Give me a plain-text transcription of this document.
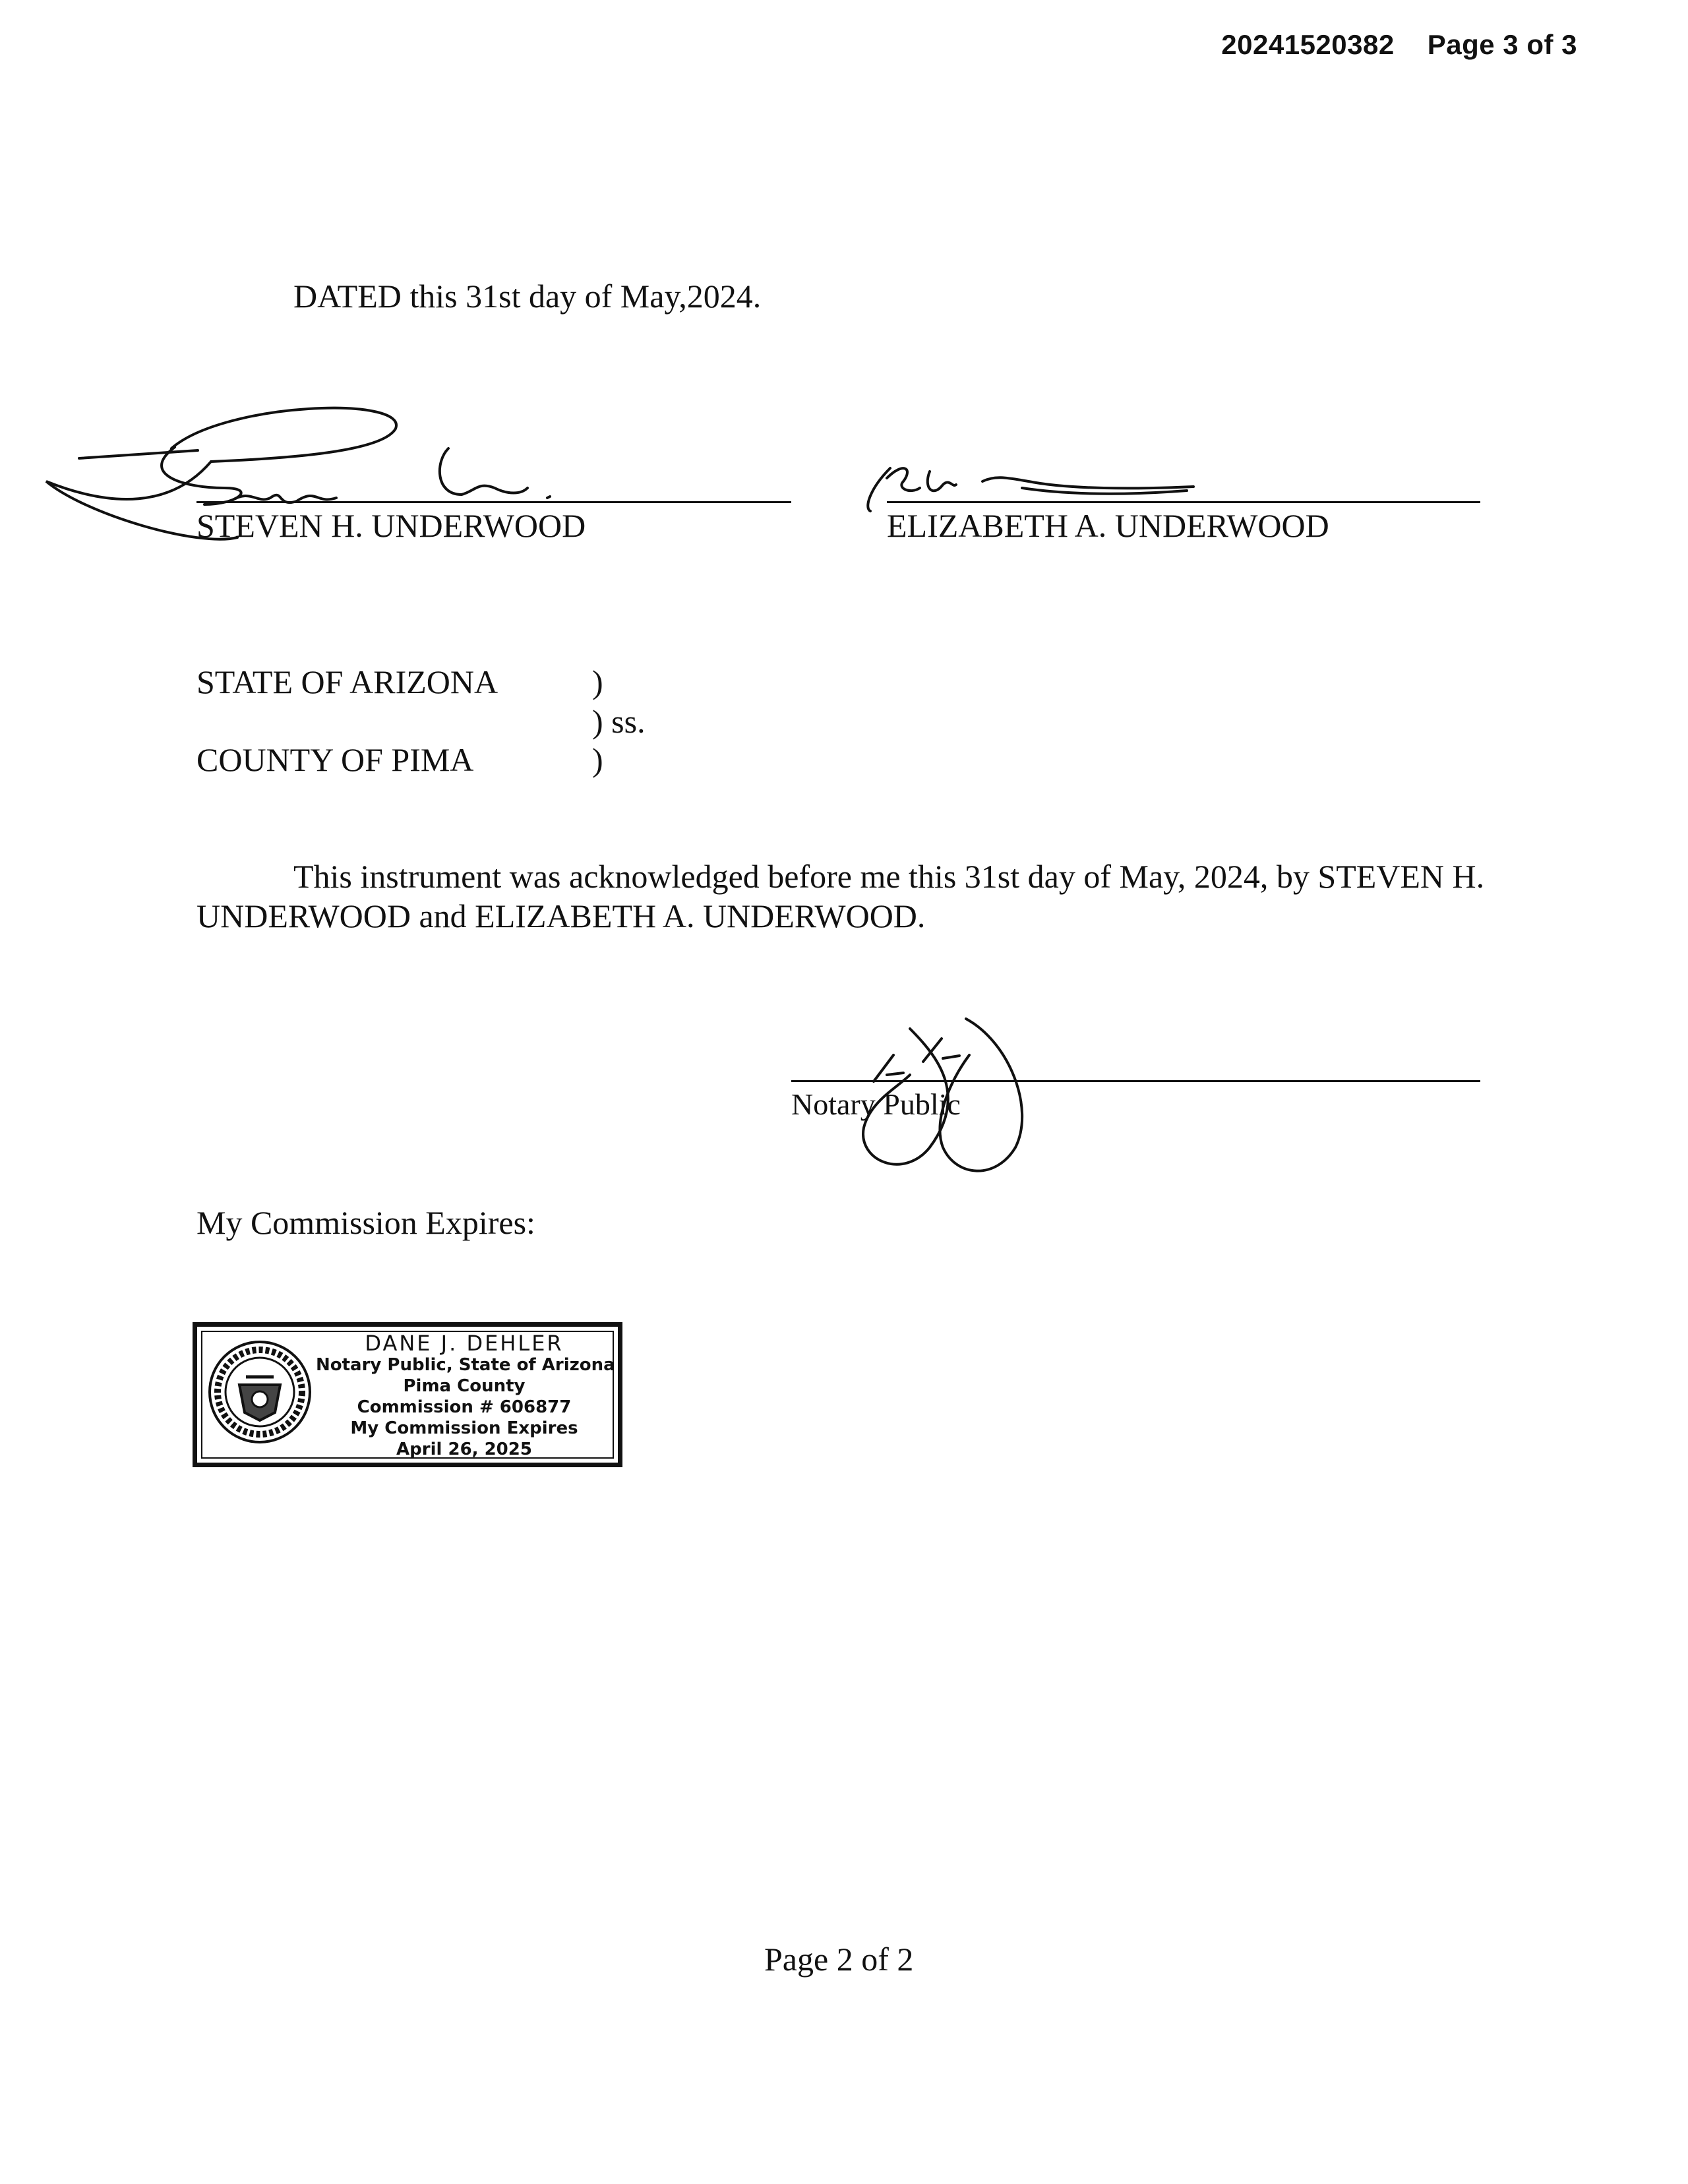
20241520382 Page 3 of 3
DATED this 31st day of May,2024.
STEVEN H. UNDERWOOD	ELIZABETH A. UNDERWOOD
STATE OF ARIZONA	)
) ss.
COUNTY OF PIMA	)
This instrument was acknowledged before me this 31st day of May, 2024, by STEVEN H.
UNDERWOOD and ELIZABETH A. UNDERWOOD.
Notary Public
My Commission Expires:
DANE J. DEHLER
Notary Public, State of Arizona
Pima County
Commission # 606877
My Commission Expires
April 26, 2025
Page 2 of 2
